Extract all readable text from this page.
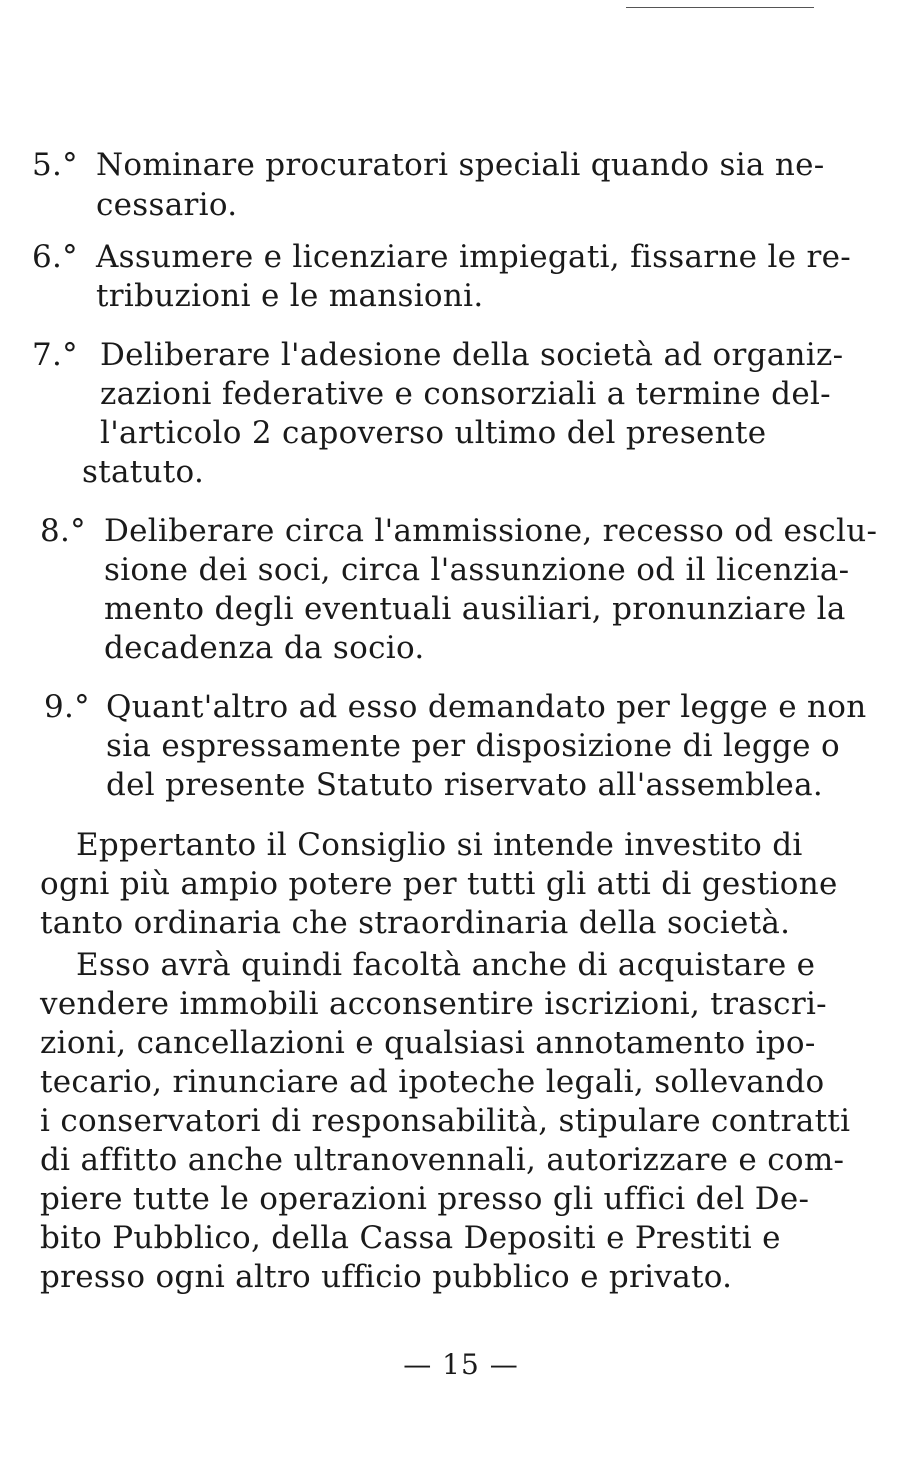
5.° Nominare procuratori speciali quando sia ne-
cessario.
6.° Assumere e licenziare impiegati, fissarne le re-
tribuzioni e le mansioni.
7.° Deliberare l'adesione della società ad organiz-
zazioni federative e consorziali a termine del-
l'articolo 2 capoverso ultimo del presente
statuto.
8.° Deliberare circa l'ammissione, recesso od esclu-
sione dei soci, circa l'assunzione od il licenzia-
mento degli eventuali ausiliari, pronunziare la
decadenza da socio.
9.° Quant'altro ad esso demandato per legge e non
sia espressamente per disposizione di legge o
del presente Statuto riservato all'assemblea.
Eppertanto il Consiglio si intende investito di
ogni più ampio potere per tutti gli atti di gestione
tanto ordinaria che straordinaria della società.
Esso avrà quindi facoltà anche di acquistare e
vendere immobili acconsentire iscrizioni, trascri-
zioni, cancellazioni e qualsiasi annotamento ipo-
tecario, rinunciare ad ipoteche legali, sollevando
i conservatori di responsabilità, stipulare contratti
di affitto anche ultranovennali, autorizzare e com-
piere tutte le operazioni presso gli uffici del De-
bito Pubblico, della Cassa Depositi e Prestiti e
presso ogni altro ufficio pubblico e privato.
— 15 —
